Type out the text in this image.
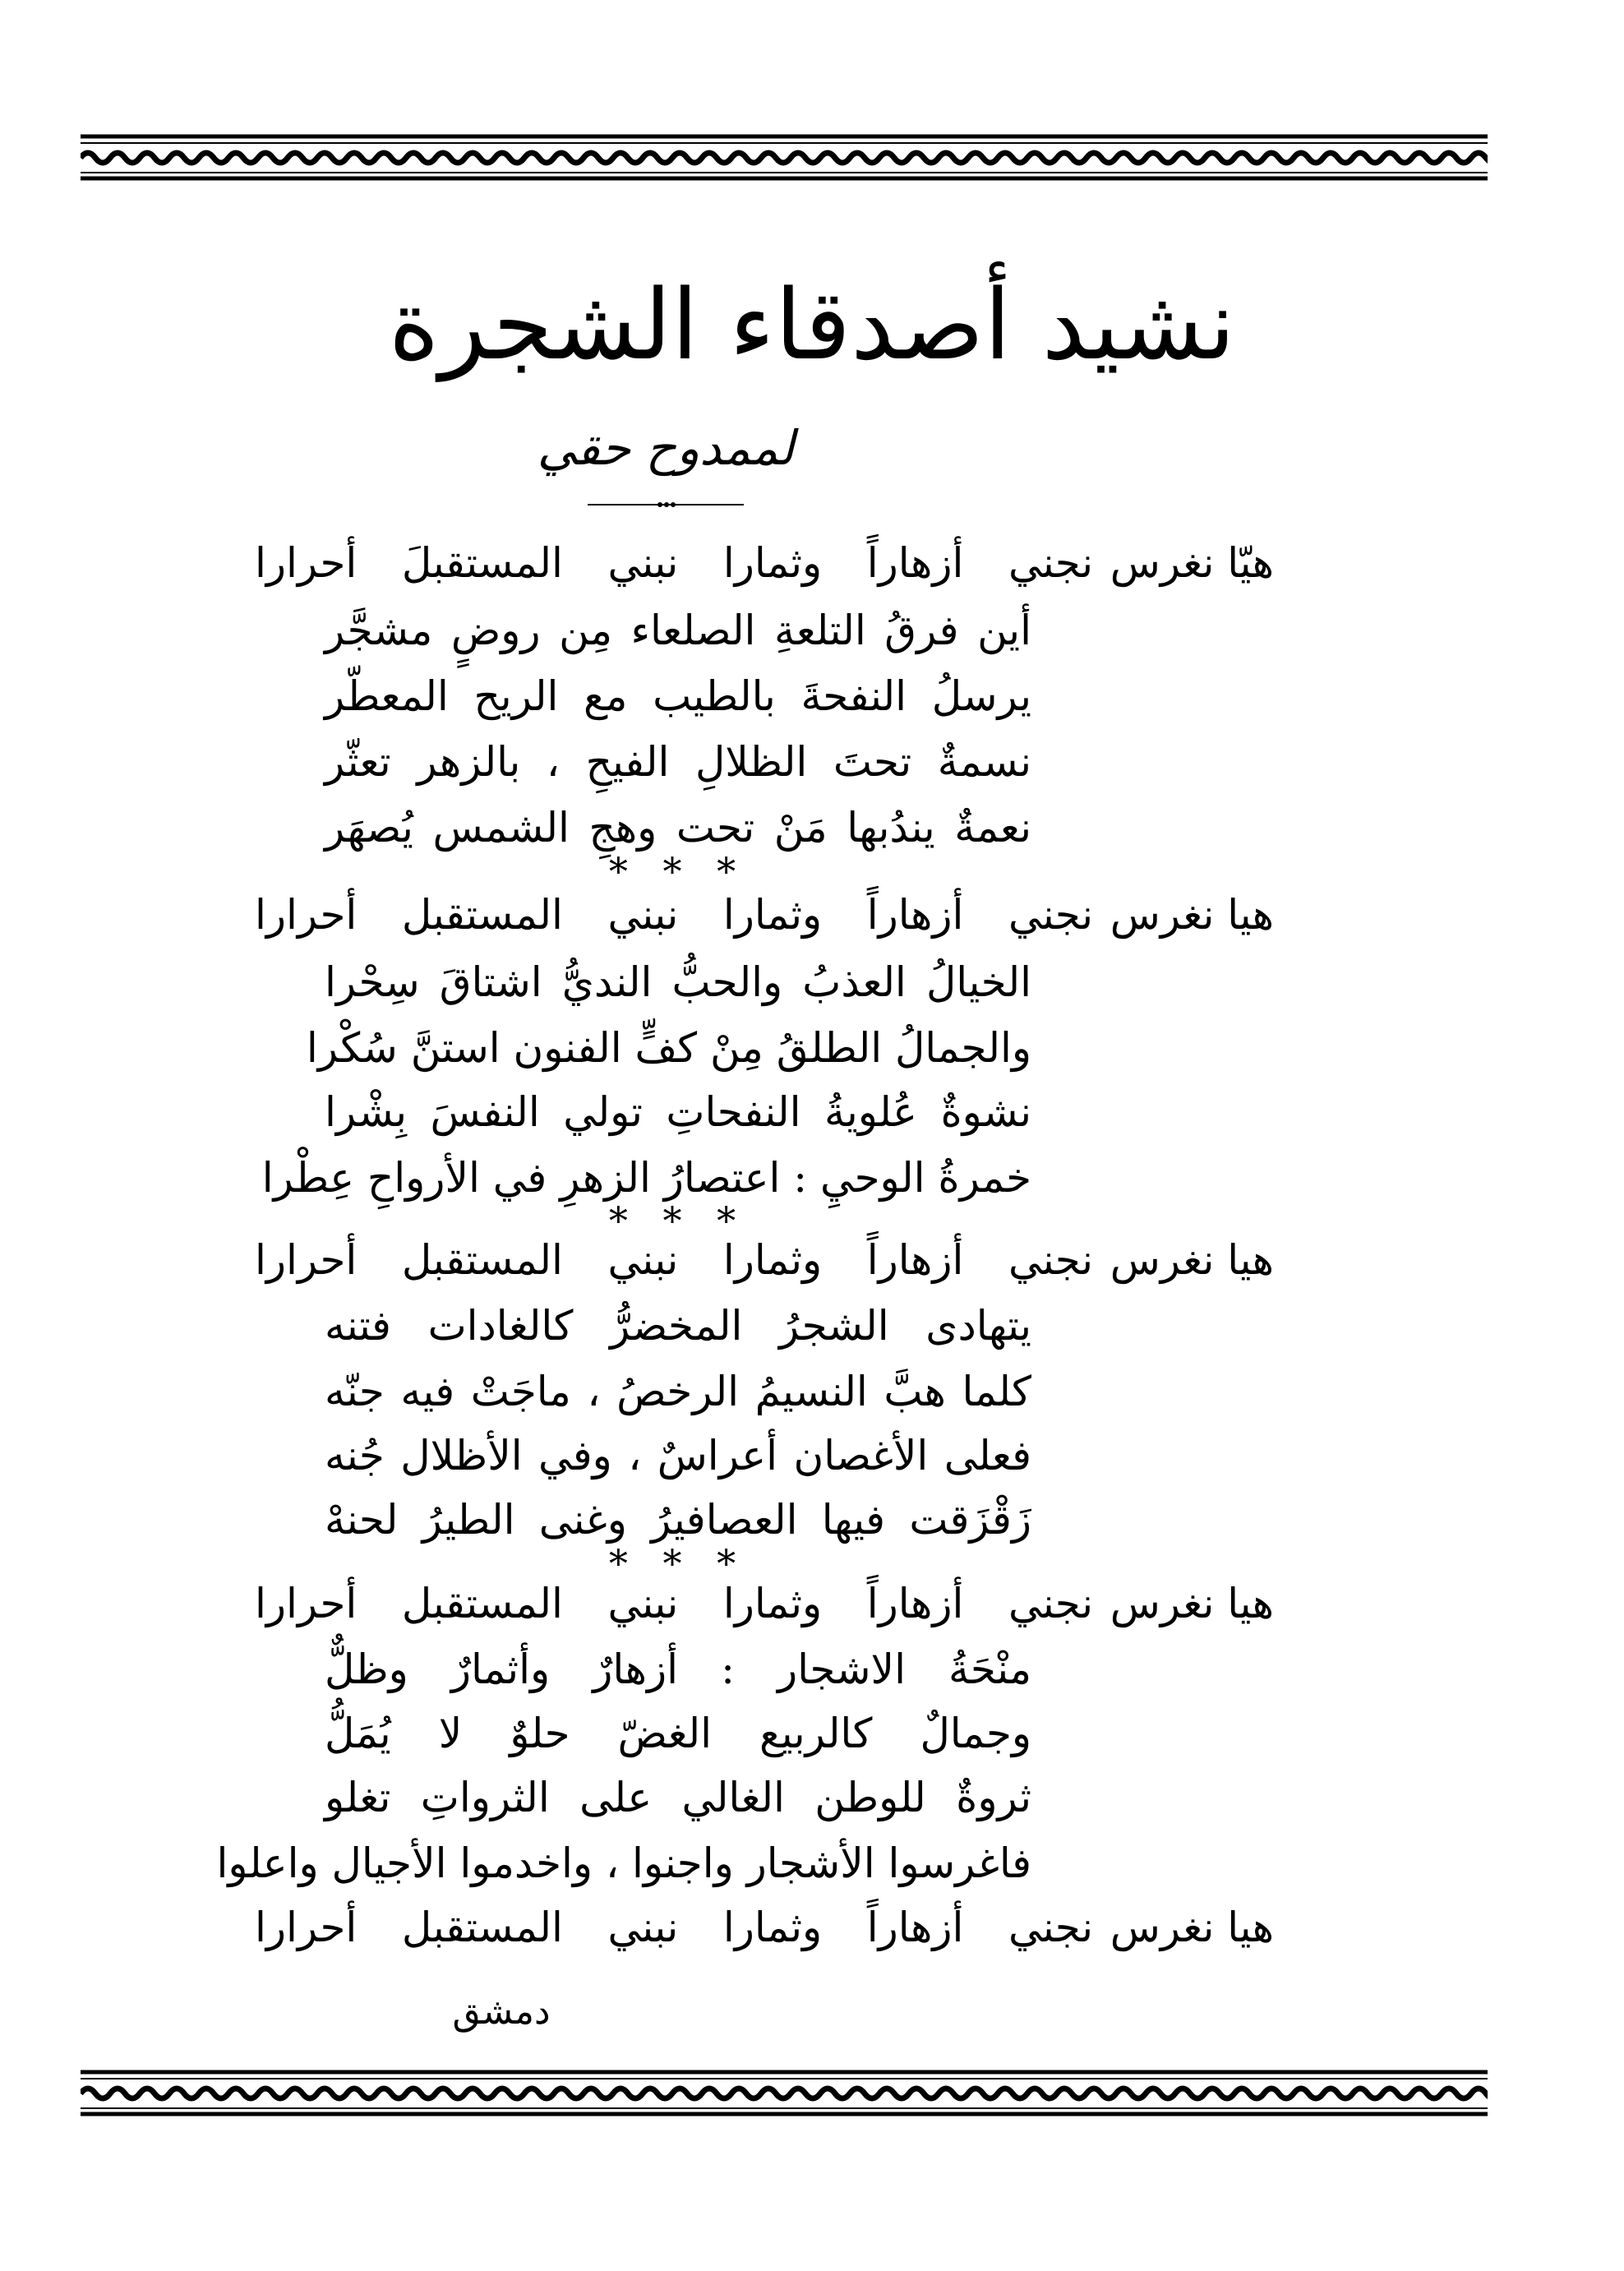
نشيد أصدقاء الشجرة
لممدوح حقي
هيّا نغرس
نجني أزهاراً وثمارا نبني المستقبلَ أحرارا
أين فرقُ التلعةِ الصلعاء مِن روضٍ مشجَّر
يرسلُ النفحةَ بالطيب مع الريح المعطّر
نسمةٌ تحتَ الظلالِ الفيحِ ، بالزهر تعثّر
نعمةٌ يندُبها مَنْ تحت وهجِ الشمس يُصهَر
* * *
هيا نغرس
نجني أزهاراً وثمارا نبني المستقبل أحرارا
الخيالُ العذبُ والحبُّ النديُّ اشتاقَ سِحْرا
والجمالُ الطلقُ مِنْ كفٍّ الفنون استنَّ سُكْرا
نشوةٌ عُلويةُ النفحاتِ تولي النفسَ بِشْرا
خمرةُ الوحيِ : اعتصارُ الزهرِ في الأرواحِ عِطْرا
* * *
هيا نغرس
نجني أزهاراً وثمارا نبني المستقبل أحرارا
يتهادى الشجرُ المخضرُّ كالغادات فتنه
كلما هبَّ النسيمُ الرخصُ ، ماجَتْ فيه جنّه
فعلى الأغصان أعراسٌ ، وفي الأظلال جُنه
زَقْزَقت فيها العصافيرُ وغنى الطيرُ لحنهْ
* * *
هيا نغرس
نجني أزهاراً وثمارا نبني المستقبل أحرارا
منْحَةُ الاشجار : أزهارٌ وأثمارٌ وظلٌّ
وجمالٌ كالربيع الغضّ حلوٌ لا يُمَلُّ
ثروةٌ للوطن الغالي على الثرواتِ تغلو
فاغرسوا الأشجار واجنوا ، واخدموا الأجيال واعلوا
هيا نغرس
نجني أزهاراً وثمارا نبني المستقبل أحرارا
دمشق
